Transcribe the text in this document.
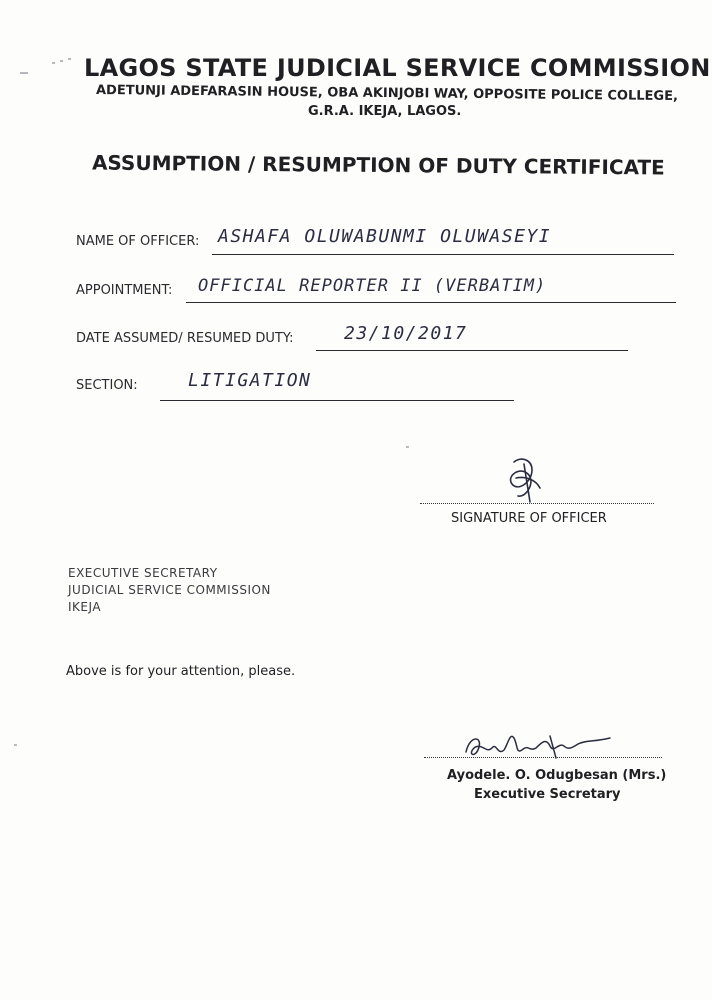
LAGOS STATE JUDICIAL SERVICE COMMISSION
ADETUNJI ADEFARASIN HOUSE, OBA AKINJOBI WAY, OPPOSITE POLICE COLLEGE,
G.R.A. IKEJA, LAGOS.
ASSUMPTION / RESUMPTION OF DUTY CERTIFICATE
NAME OF OFFICER: ASHAFA OLUWABUNMI OLUWASEYI
APPOINTMENT: OFFICIAL REPORTER II (VERBATIM)
DATE ASSUMED/ RESUMED DUTY:	23/10/2017
SECTION:	LITIGATION
SIGNATURE OF OFFICER
EXECUTIVE SECRETARY
JUDICIAL SERVICE COMMISSION
IKEJA
Above is for your attention, please.
Ayodele. O. Odugbesan (Mrs.)
Executive Secretary
